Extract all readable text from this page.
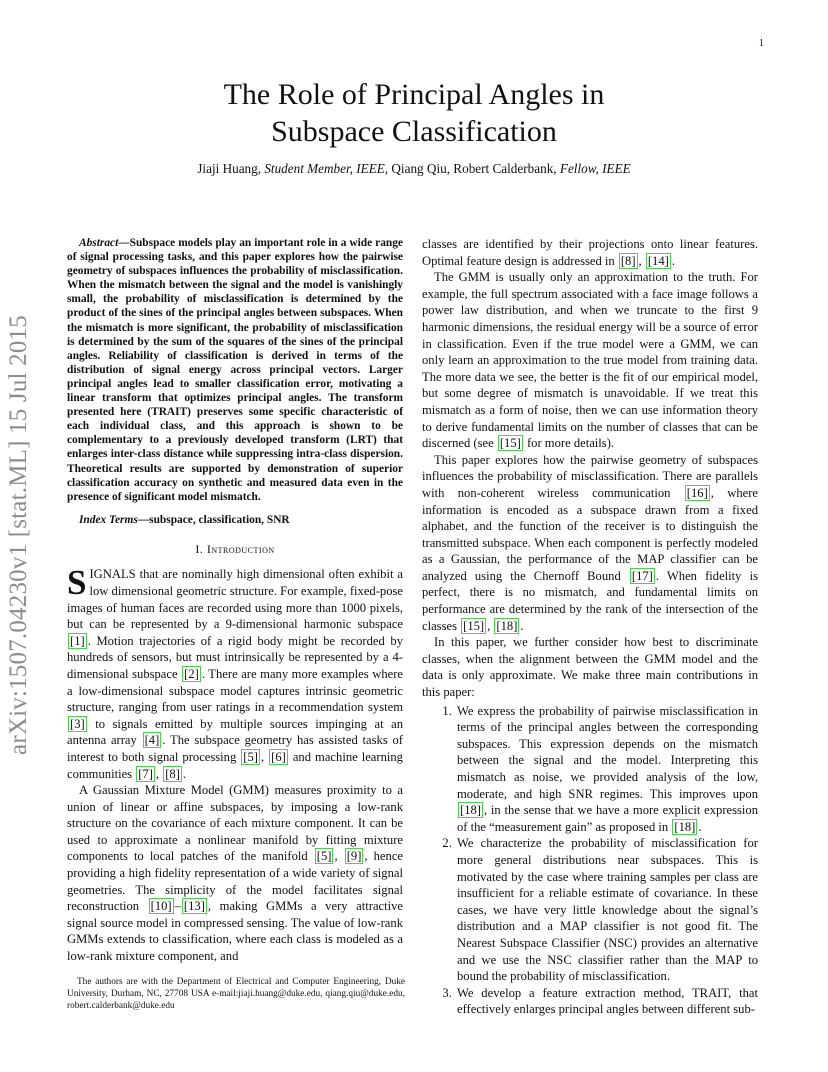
1
arXiv:1507.04230v1 [stat.ML] 15 Jul 2015
The Role of Principal Angles in
Subspace Classification
Jiaji Huang, Student Member, IEEE, Qiang Qiu, Robert Calderbank, Fellow, IEEE

Abstract—Subspace models play an important role in a wide range of signal processing tasks, and this paper explores how the pairwise geometry of subspaces influences the probability of misclassification. When the mismatch between the signal and the model is vanishingly small, the probability of misclassification is determined by the product of the sines of the principal angles between subspaces. When the mismatch is more significant, the probability of misclassification is determined by the sum of the squares of the sines of the principal angles. Reliability of classification is derived in terms of the distribution of signal energy across principal vectors. Larger principal angles lead to smaller classification error, motivating a linear transform that optimizes principal angles. The transform presented here (TRAIT) preserves some specific characteristic of each individual class, and this approach is shown to be complementary to a previously developed transform (LRT) that enlarges inter-class distance while suppressing intra-class dispersion. Theoretical results are supported by demonstration of superior classification accuracy on synthetic and measured data even in the presence of significant model mismatch.

Index Terms—subspace, classification, SNR

I. Introduction

SIGNALS that are nominally high dimensional often exhibit a low dimensional geometric structure. For example, fixed-pose images of human faces are recorded using more than 1000 pixels, but can be represented by a 9-dimensional harmonic subspace [1] . Motion trajectories of a rigid body might be recorded by hundreds of sensors, but must intrinsically be represented by a 4-dimensional subspace [2] . There are many more examples where a low-dimensional subspace model captures intrinsic geometric structure, ranging from user ratings in a recommendation system [3] to signals emitted by multiple sources impinging at an antenna array [4] . The subspace geometry has assisted tasks of interest to both signal processing [5] , [6] and machine learning communities [7] , [8] .

A Gaussian Mixture Model (GMM) measures proximity to a union of linear or affine subspaces, by imposing a low-rank structure on the covariance of each mixture component. It can be used to approximate a nonlinear manifold by fitting mixture components to local patches of the manifold [5] , [9] , hence providing a high fidelity representation of a wide variety of signal geometries. The simplicity of the model facilitates signal reconstruction [10] – [13] , making GMMs a very attractive signal source model in compressed sensing. The value of low-rank GMMs extends to classification, where each class is modeled as a low-rank mixture component, and

The authors are with the Department of Electrical and Computer Engineering, Duke University, Durham, NC, 27708 USA e-mail:jiaji.huang@duke.edu, qiang.qiu@duke.edu, robert.calderbank@duke.edu

classes are identified by their projections onto linear features. Optimal feature design is addressed in [8] , [14] .

The GMM is usually only an approximation to the truth. For example, the full spectrum associated with a face image follows a power law distribution, and when we truncate to the first 9 harmonic dimensions, the residual energy will be a source of error in classification. Even if the true model were a GMM, we can only learn an approximation to the true model from training data. The more data we see, the better is the fit of our empirical model, but some degree of mismatch is unavoidable. If we treat this mismatch as a form of noise, then we can use information theory to derive fundamental limits on the number of classes that can be discerned (see [15] for more details).

This paper explores how the pairwise geometry of subspaces influences the probability of misclassification. There are parallels with non-coherent wireless communication [16] , where information is encoded as a subspace drawn from a fixed alphabet, and the function of the receiver is to distinguish the transmitted subspace. When each component is perfectly modeled as a Gaussian, the performance of the MAP classifier can be analyzed using the Chernoff Bound [17] . When fidelity is perfect, there is no mismatch, and fundamental limits on performance are determined by the rank of the intersection of the classes [15] , [18] .

In this paper, we further consider how best to discriminate classes, when the alignment between the GMM model and the data is only approximate. We make three main contributions in this paper:

1. We express the probability of pairwise misclassification in terms of the principal angles between the corresponding subspaces. This expression depends on the mismatch between the signal and the model. Interpreting this mismatch as noise, we provided analysis of the low, moderate, and high SNR regimes. This improves upon [18] , in the sense that we have a more explicit expression of the “measurement gain” as proposed in [18] .
2. We characterize the probability of misclassification for more general distributions near subspaces. This is motivated by the case where training samples per class are insufficient for a reliable estimate of covariance. In these cases, we have very little knowledge about the signal’s distribution and a MAP classifier is not good fit. The Nearest Subspace Classifier (NSC) provides an alternative and we use the NSC classifier rather than the MAP to bound the probability of misclassification.
3. We develop a feature extraction method, TRAIT, that effectively enlarges principal angles between different sub-
